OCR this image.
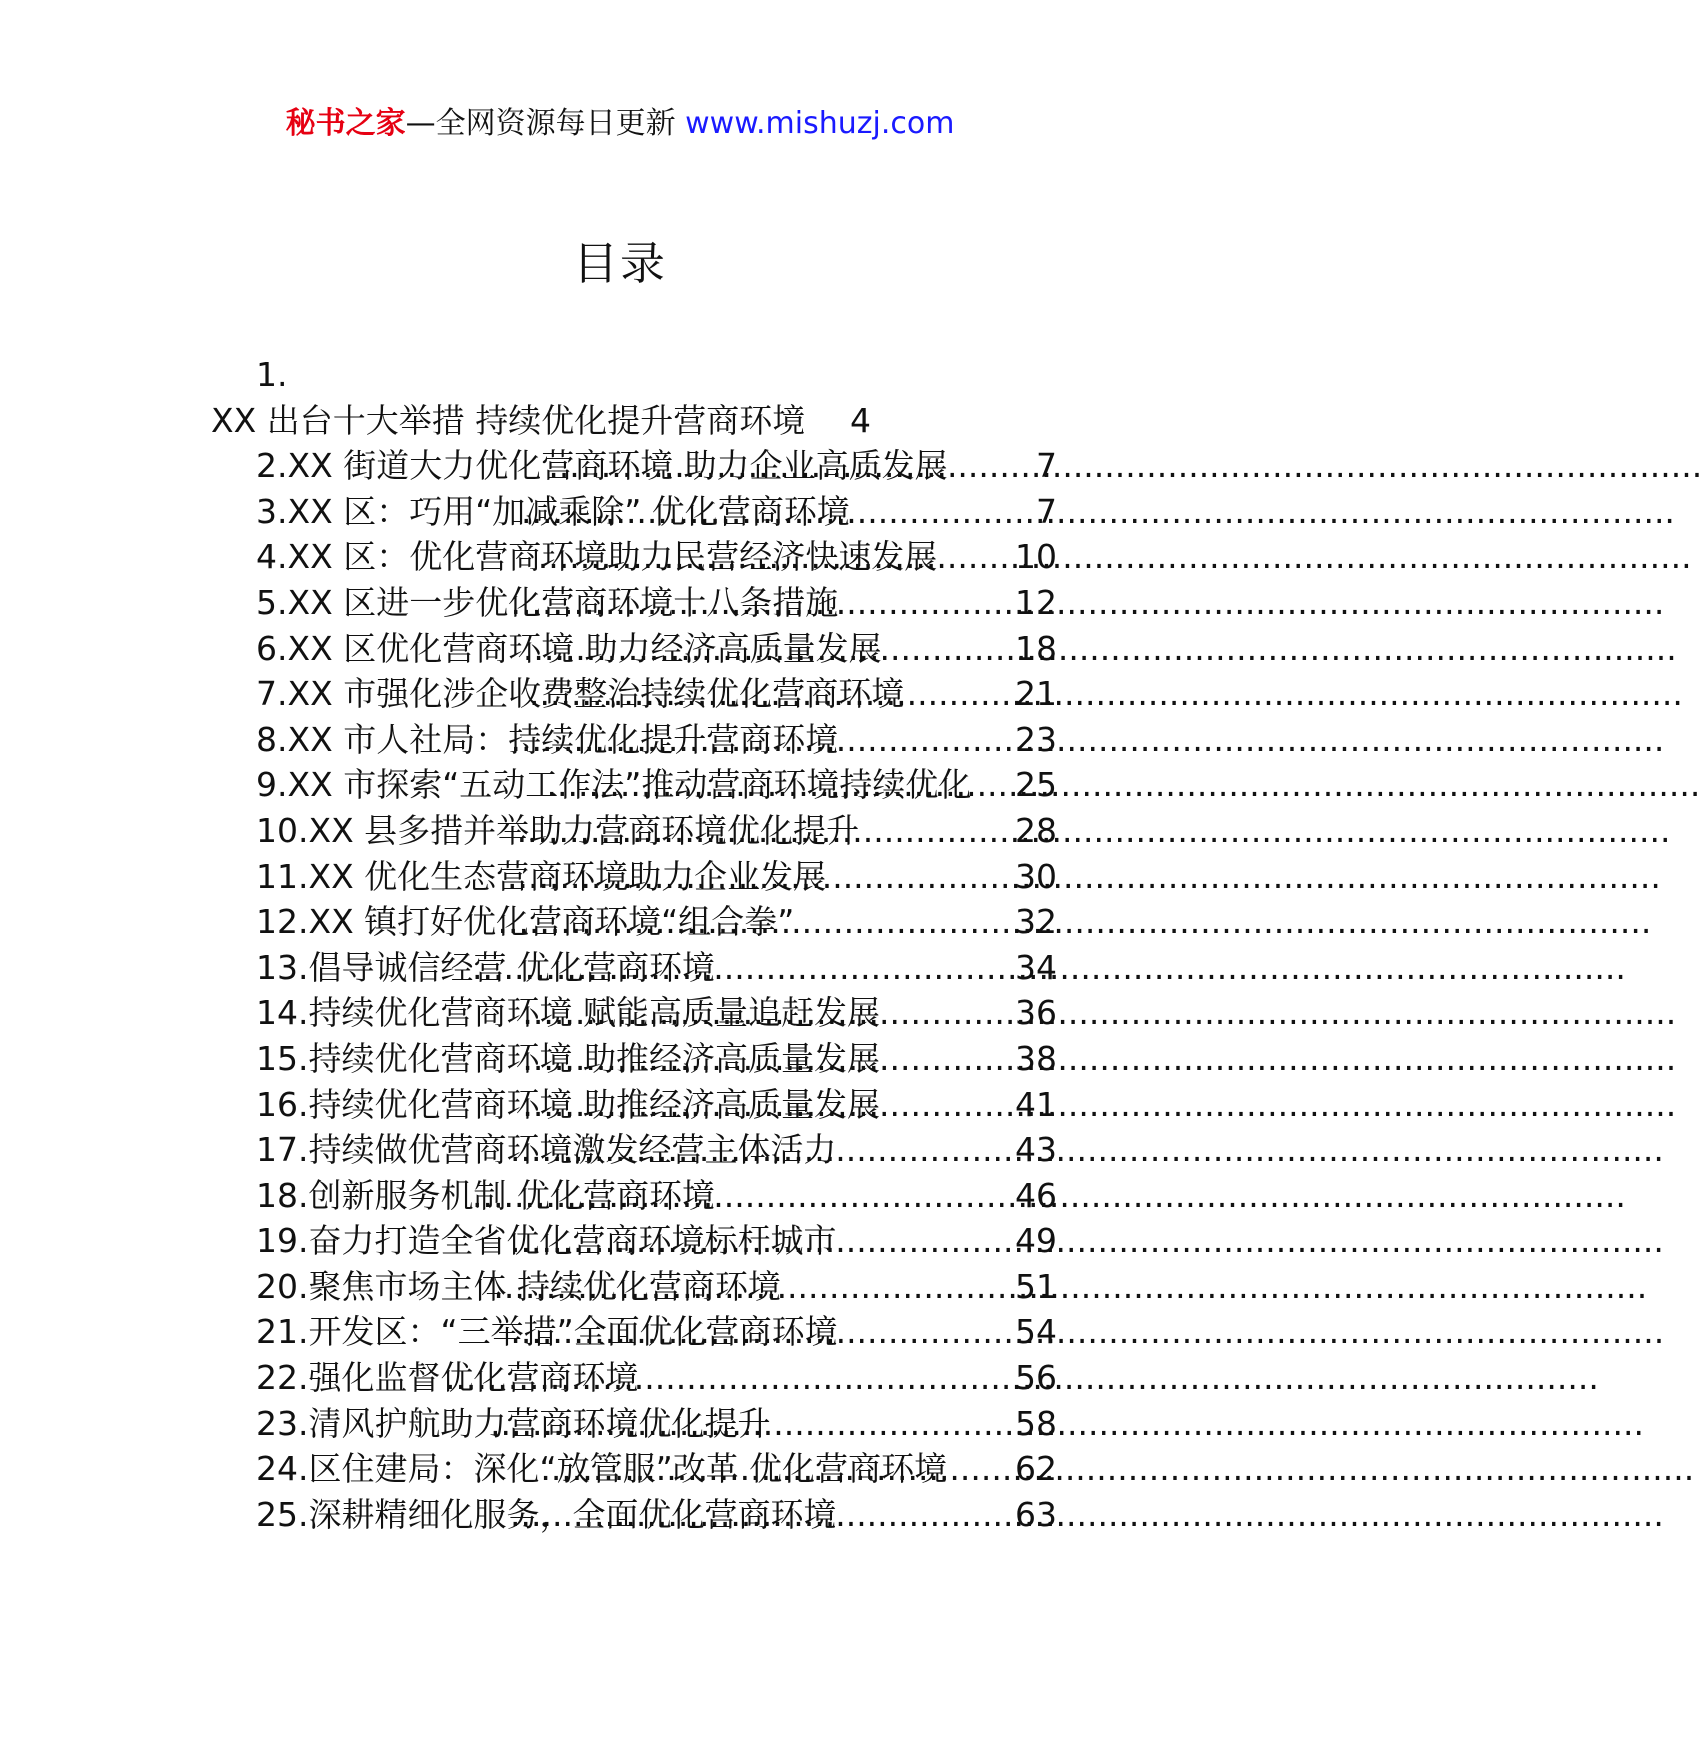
秘书之家—全网资源每日更新 www.mishuzj.com
目录
1.
XX 出台十大举措 持续优化提升营商环境 4
2.XX 街道大力优化营商环境 助力企业高质发展 .....	7
3.XX 区：巧用“加减乘除” 优化营商环境 .....	7
4.XX 区：优化营商环境助力民营经济快速发展 ..... 10
5.XX 区进一步优化营商环境十八条措施 .....	12
6.XX 区优化营商环境 助力经济高质量发展 .....	18
7.XX 市强化涉企收费整治持续优化营商环境 .....	21
8.XX 市人社局：持续优化提升营商环境 .....	23
9.XX 市探索“五动工作法”推动营商环境持续优化 ..... 25
10.XX 县多措并举助力营商环境优化提升 .....	28
11.XX 优化生态营商环境助力企业发展 .....	30
12.XX 镇打好优化营商环境“组合拳” .....	32
13.倡导诚信经营 优化营商环境 .....	34
14.持续优化营商环境 赋能高质量追赶发展 .....	36
15.持续优化营商环境 助推经济高质量发展 .....	38
16.持续优化营商环境 助推经济高质量发展 .....	41
17.持续做优营商环境激发经营主体活力 .....	43
18.创新服务机制 优化营商环境 .....	46
19.奋力打造全省优化营商环境标杆城市 .....	49
20.聚焦市场主体 持续优化营商环境 .....	51
21.开发区：“三举措”全面优化营商环境 .....	54
22.强化监督优化营商环境 .....	56
23.清风护航助力营商环境优化提升 .....	58
24.区住建局：深化“放管服”改革 优化营商环境 ..... 62
25.深耕精细化服务，全面优化营商环境 .....	63
